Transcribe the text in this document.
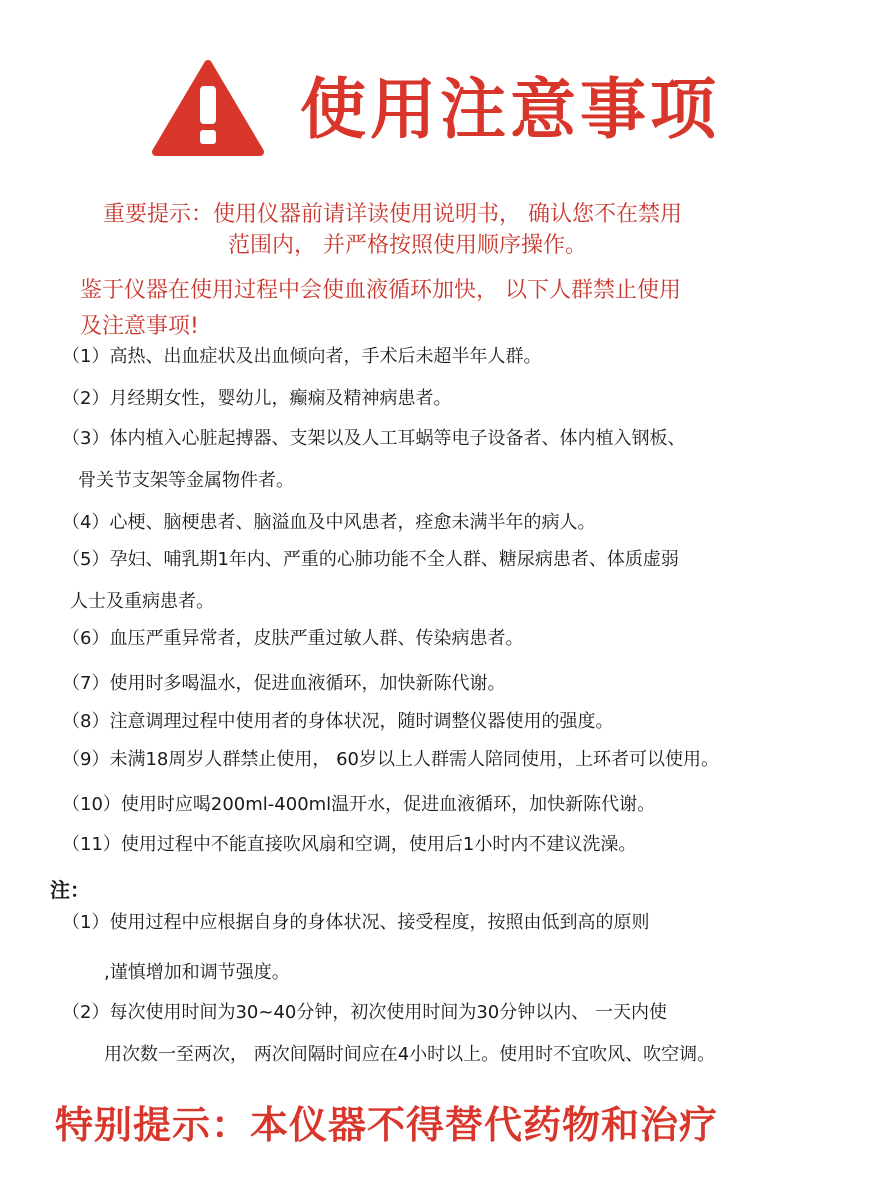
使用注意事项
重要提示：使用仪器前请详读使用说明书， 确认您不在禁用
范围内， 并严格按照使用顺序操作。
鉴于仪器在使用过程中会使血液循环加快， 以下人群禁止使用
及注意事项!
（1）高热、出血症状及出血倾向者，手术后未超半年人群。
（2）月经期女性，婴幼儿，癫痫及精神病患者。
（3）体内植入心脏起搏器、支架以及人工耳蜗等电子设备者、体内植入钢板、
骨关节支架等金属物件者。
（4）心梗、脑梗患者、脑溢血及中风患者，痊愈未满半年的病人。
（5）孕妇、哺乳期1年内、严重的心肺功能不全人群、糖尿病患者、体质虚弱
人士及重病患者。
（6）血压严重异常者，皮肤严重过敏人群、传染病患者。
（7）使用时多喝温水，促进血液循环，加快新陈代谢。
（8）注意调理过程中使用者的身体状况，随时调整仪器使用的强度。
（9）未满18周岁人群禁止使用， 60岁以上人群需人陪同使用，上环者可以使用。
（10）使用时应喝200ml-400ml温开水，促进血液循环，加快新陈代谢。
（11）使用过程中不能直接吹风扇和空调，使用后1小时内不建议洗澡。
注：
（1）使用过程中应根据自身的身体状况、接受程度，按照由低到高的原则
,谨慎增加和调节强度。
（2）每次使用时间为30~40分钟，初次使用时间为30分钟以内、 一天内使
用次数一至两次， 两次间隔时间应在4小时以上。使用时不宜吹风、吹空调。
特别提示：本仪器不得替代药物和治疗
